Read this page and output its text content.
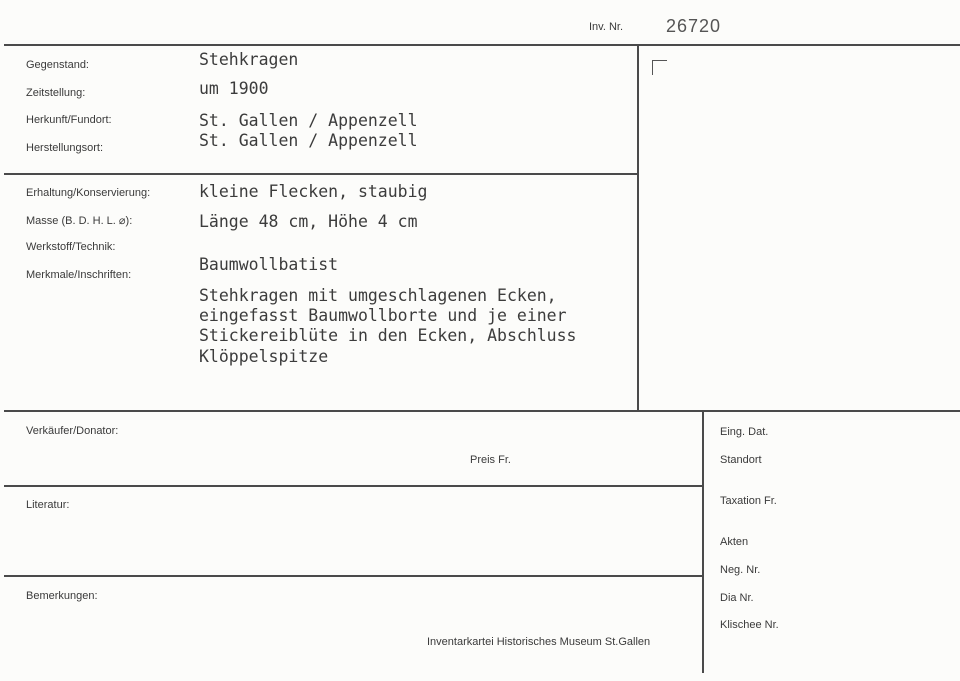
Inv. Nr. 26720
Gegenstand:
Zeitstellung:
Herkunft/Fundort:
Herstellungsort:
Stehkragen
um 1900
St. Gallen / Appenzell
St. Gallen / Appenzell
Erhaltung/Konservierung:
Masse (B. D. H. L. ⌀):
Werkstoff/Technik:
Merkmale/Inschriften:
kleine Flecken, staubig
Länge 48 cm, Höhe 4 cm
Baumwollbatist
Stehkragen mit umgeschlagenen Ecken,
eingefasst Baumwollborte und je einer
Stickereiblüte in den Ecken, Abschluss
Klöppelspitze
Verkäufer/Donator:
Preis Fr.
Literatur:
Bemerkungen:
Inventarkartei Historisches Museum St.Gallen
Eing. Dat.
Standort
Taxation Fr.
Akten
Neg. Nr.
Dia Nr.
Klischee Nr.
